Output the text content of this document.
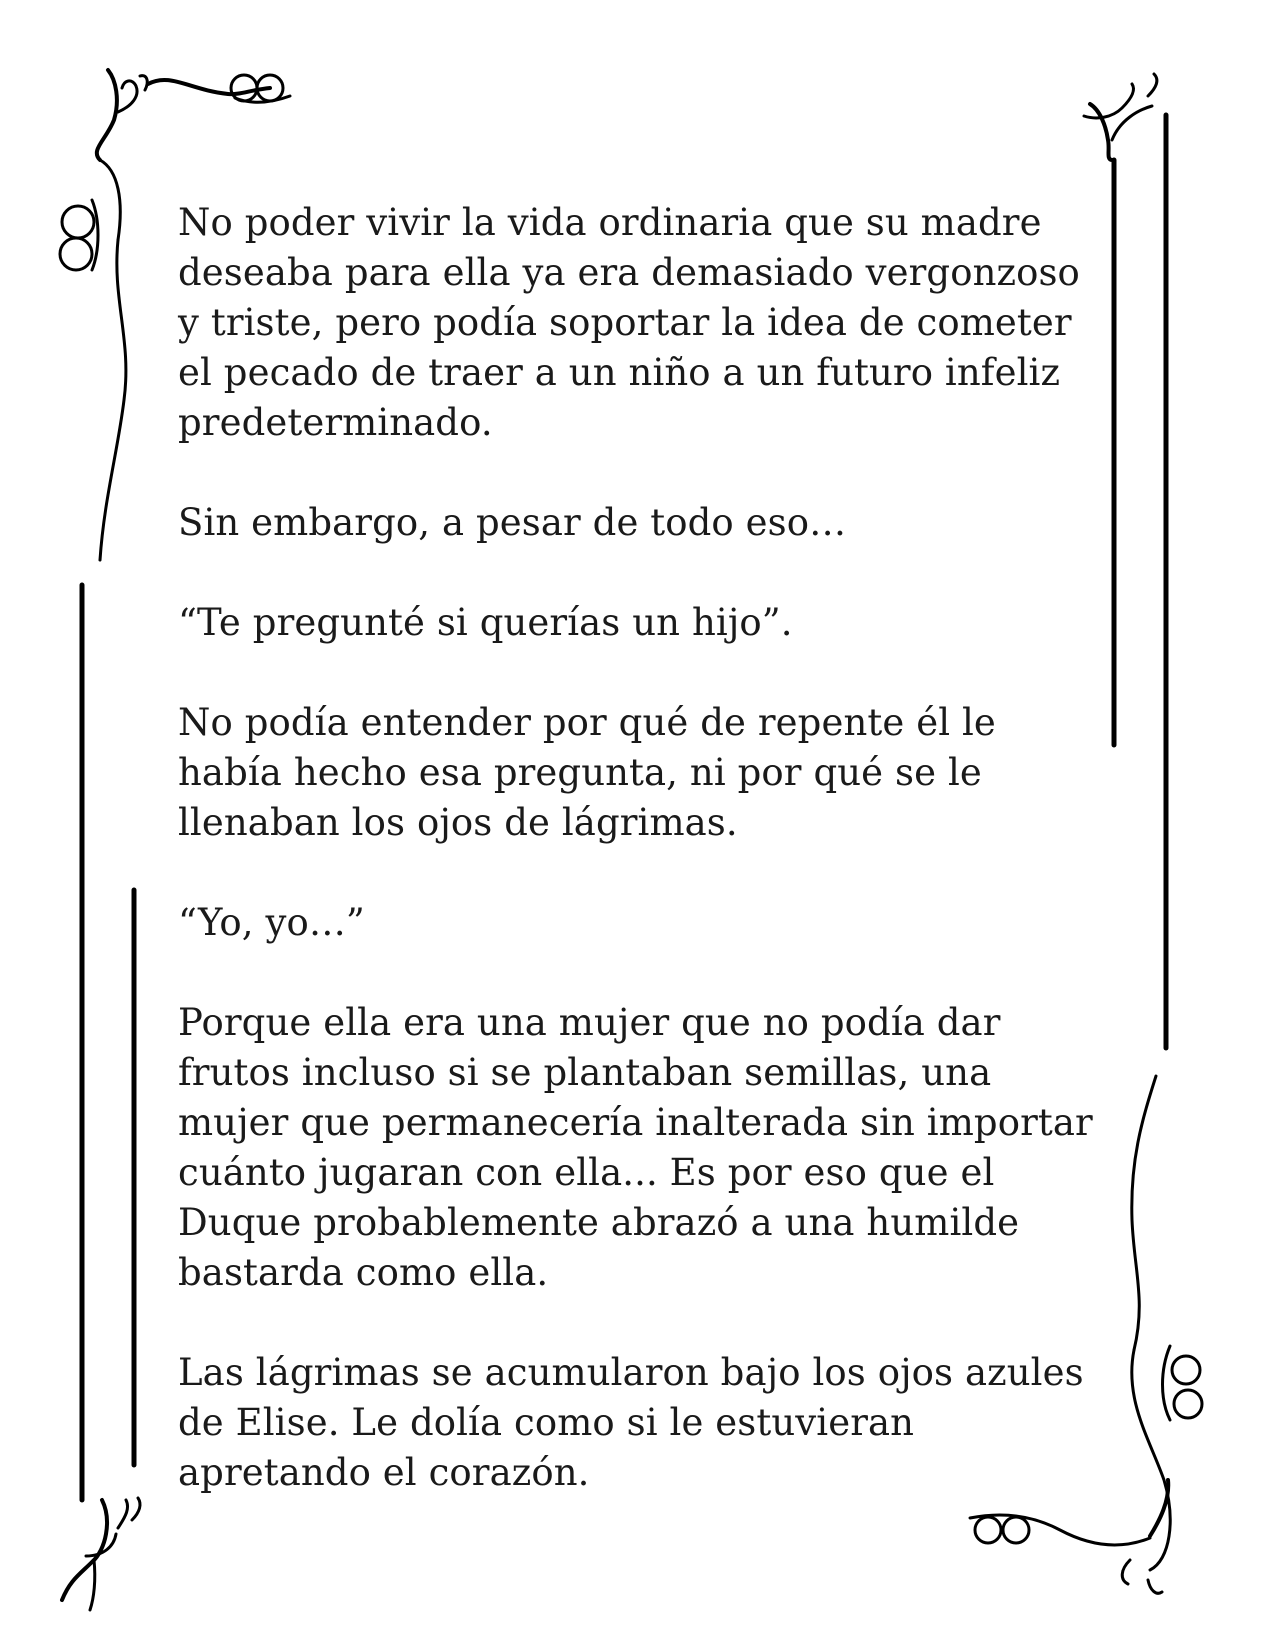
No poder vivir la vida ordinaria que su madre deseaba para ella ya era demasiado vergonzoso y triste, pero podía soportar la idea de cometer el pecado de traer a un niño a un futuro infeliz predeterminado.

Sin embargo, a pesar de todo eso…

“Te pregunté si querías un hijo”.

No podía entender por qué de repente él le había hecho esa pregunta, ni por qué se le llenaban los ojos de lágrimas.

“Yo, yo…”

Porque ella era una mujer que no podía dar frutos incluso si se plantaban semillas, una mujer que permanecería inalterada sin importar cuánto jugaran con ella... Es por eso que el Duque probablemente abrazó a una humilde bastarda como ella.

Las lágrimas se acumularon bajo los ojos azules de Elise. Le dolía como si le estuvieran apretando el corazón.
